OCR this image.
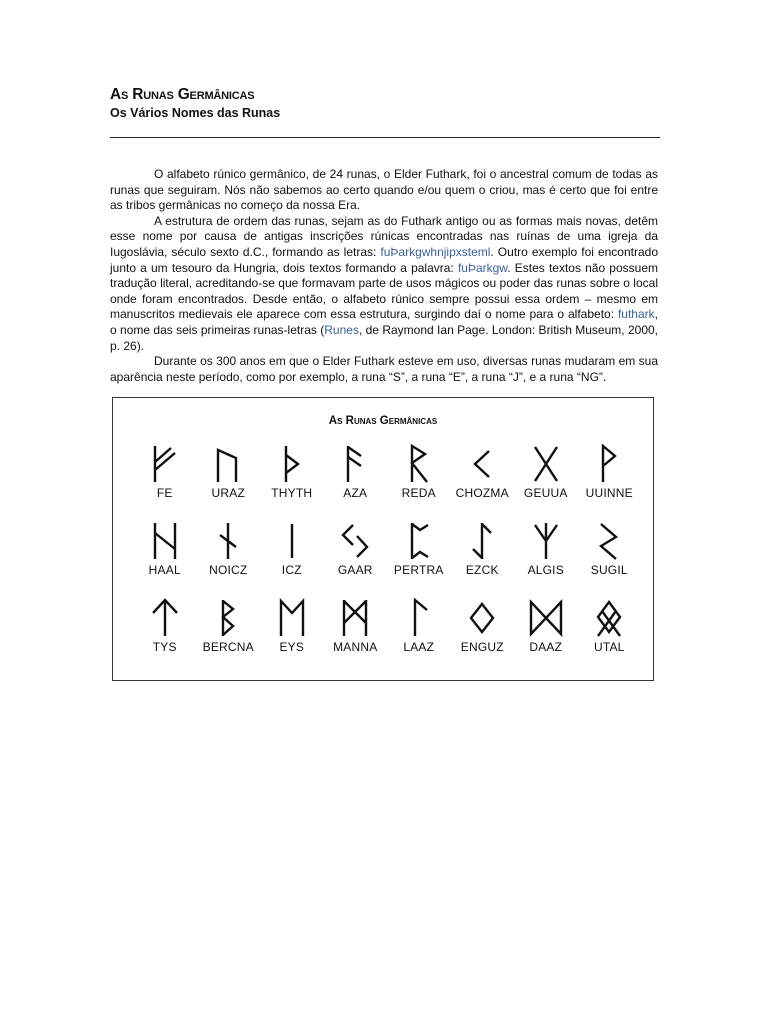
As Runas Germânicas
Os Vários Nomes das Runas

O alfabeto rúnico germânico, de 24 runas, o Elder Futhark, foi o ancestral comum de todas as runas que seguiram. Nós não sabemos ao certo quando e/ou quem o criou, mas é certo que foi entre as tribos germânicas no começo da nossa Era.

A estrutura de ordem das runas, sejam as do Futhark antigo ou as formas mais novas, detêm esse nome por causa de antigas inscrições rúnicas encontradas nas ruínas de uma igreja da Iugoslávia, século sexto d.C., formando as letras: fuÞarkgwhnjipxsteml. Outro exemplo foi encontrado junto a um tesouro da Hungria, dois textos formando a palavra: fuÞarkgw. Estes textos não possuem tradução literal, acreditando-se que formavam parte de usos mágicos ou poder das runas sobre o local onde foram encontrados. Desde então, o alfabeto rúnico sempre possui essa ordem – mesmo em manuscritos medievais ele aparece com essa estrutura, surgindo daí o nome para o alfabeto: futhark, o nome das seis primeiras runas-letras (Runes, de Raymond Ian Page. London: British Museum, 2000, p. 26).

Durante os 300 anos em que o Elder Futhark esteve em uso, diversas runas mudaram em sua aparência neste período, como por exemplo, a runa “S”, a runa “E”, a runa “J”, e a runa “NG”.

As Runas Germânicas
FE	URAZ THYTH	AZA	REDA CHOZMA GEUUA UUINNE
HAAL NOICZ	ICZ	GAAR PERTRA EZCK ALGIS SUGIL
TYS BERCNA EYS MANNA LAAZ ENGUZ DAAZ	UTAL
